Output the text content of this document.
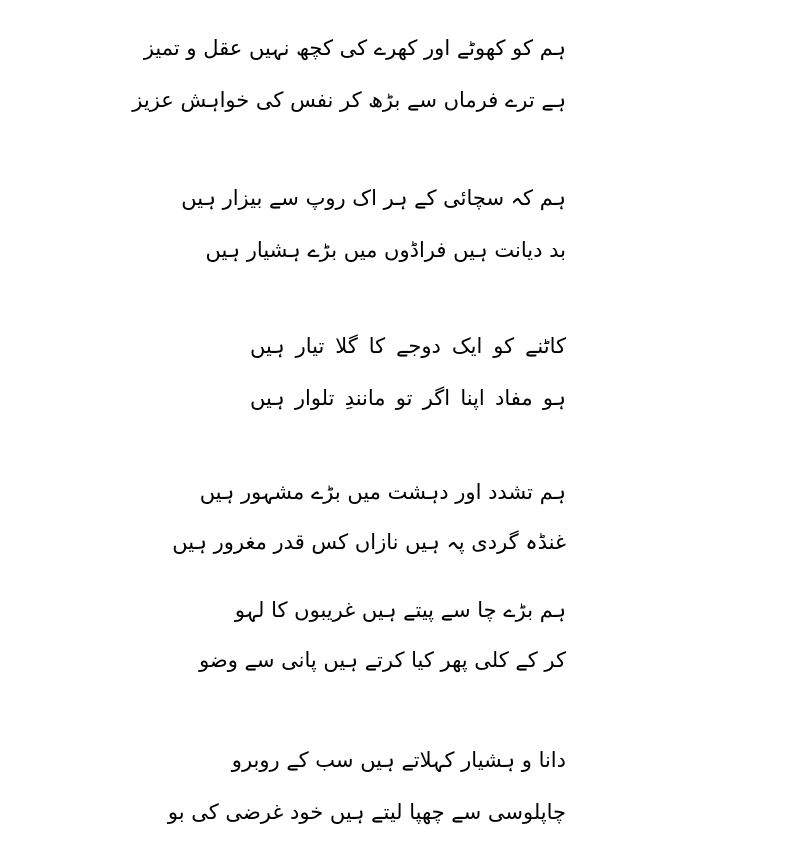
ہم کو کھوٹے اور کھرے کی کچھ نہیں عقل و تمیز
ہے ترے فرماں سے بڑھ کر نفس کی خواہش عزیز
ہم کہ سچائی کے ہر اک روپ سے بیزار ہیں
بد دیانت ہیں فراڈوں میں بڑے ہشیار ہیں
کاٹنے کو ایک دوجے کا گلا تیار ہیں
ہو مفاد اپنا اگر تو مانندِ تلوار ہیں
ہم تشدد اور دہشت میں بڑے مشہور ہیں
غنڈہ گردی پہ ہیں نازاں کس قدر مغرور ہیں
ہم بڑے چا سے پیتے ہیں غریبوں کا لہو
کر کے کلی پھر کیا کرتے ہیں پانی سے وضو
دانا و ہشیار کہلاتے ہیں سب کے روبرو
چاپلوسی سے چھپا لیتے ہیں خود غرضی کی بو
